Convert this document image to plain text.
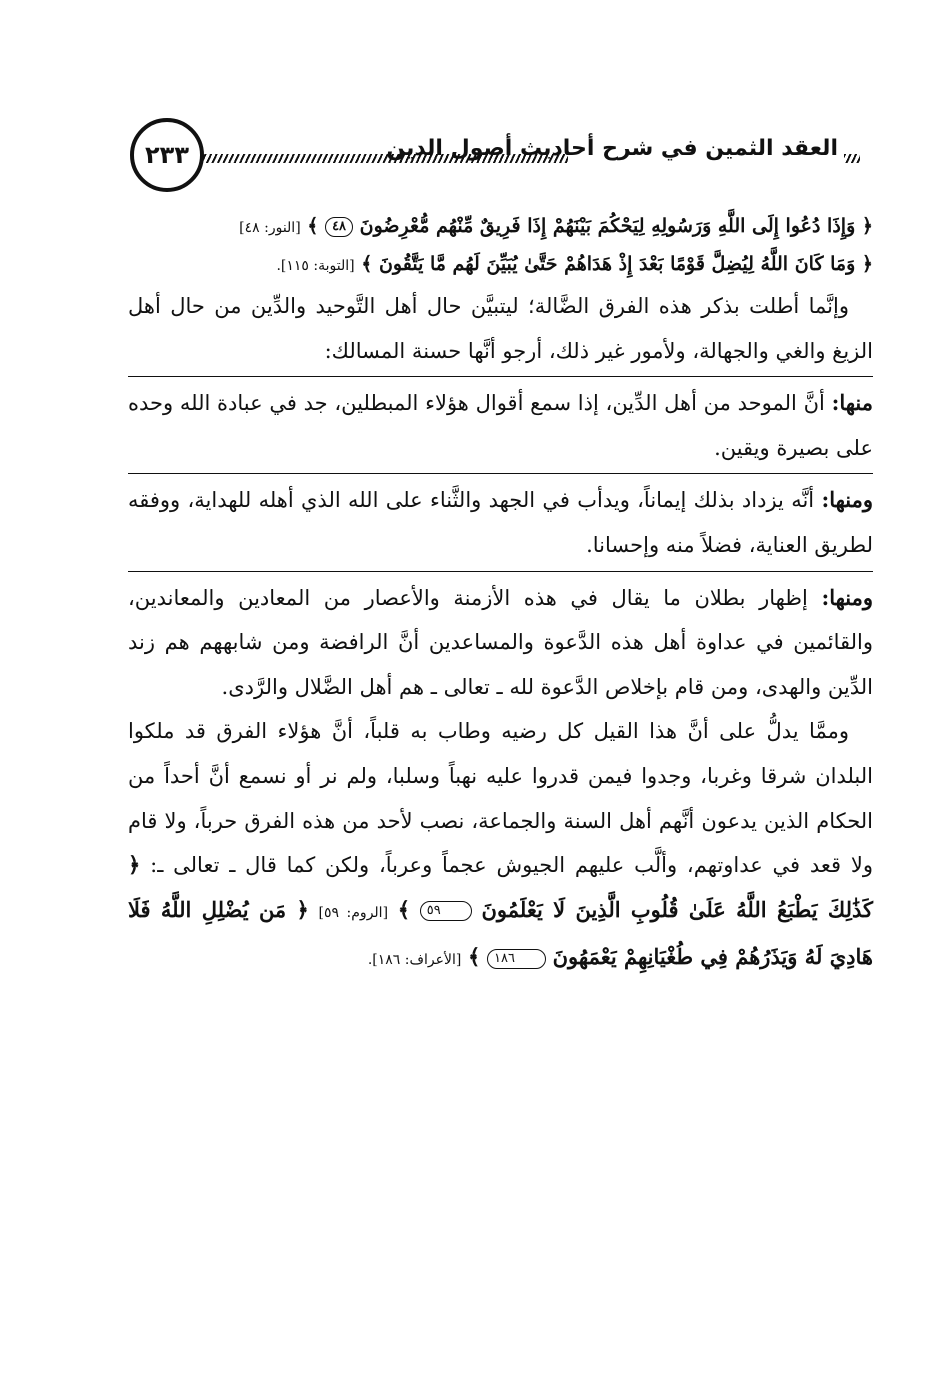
٢٣٣	العقد الثمين في شرح أحاديث أصول الدين
﴿ وَإِذَا دُعُوا إِلَى اللَّهِ وَرَسُولِهِ لِيَحْكُمَ بَيْنَهُمْ إِذَا فَرِيقٌ مِّنْهُم مُّعْرِضُونَ ٤٨ ﴾ [النور: ٤٨]
﴿ وَمَا كَانَ اللَّهُ لِيُضِلَّ قَوْمًا بَعْدَ إِذْ هَدَاهُمْ حَتَّىٰ يُبَيِّنَ لَهُم مَّا يَتَّقُونَ ﴾ [التوبة: ١١٥].

وإنَّما أطلت بذكر هذه الفرق الضَّالة؛ ليتبيَّن حال أهل التَّوحيد والدِّين من حال أهل الزيغ والغي والجهالة، ولأمور غير ذلك، أرجو أنَّها حسنة المسالك:

منها: أنَّ الموحد من أهل الدِّين، إذا سمع أقوال هؤلاء المبطلين، جد في عبادة الله وحده على بصيرة ويقين.

ومنها: أنَّه يزداد بذلك إيماناً، ويدأب في الجهد والثَّناء على الله الذي أهله للهداية، ووفقه لطريق العناية، فضلاً منه وإحسانا.

ومنها: إظهار بطلان ما يقال في هذه الأزمنة والأعصار من المعادين والمعاندين، والقائمين في عداوة أهل هذه الدَّعوة والمساعدين أنَّ الرافضة ومن شابههم هم زند الدِّين والهدى، ومن قام بإخلاص الدَّعوة لله ـ تعالى ـ هم أهل الضَّلال والرَّدى.

وممَّا يدلُّ على أنَّ هذا القيل كل رضيه وطاب به قلباً، أنَّ هؤلاء الفرق قد ملكوا البلدان شرقا وغربا، وجدوا فيمن قدروا عليه نهباً وسلبا، ولم نر أو نسمع أنَّ أحداً من الحكام الذين يدعون أنَّهم أهل السنة والجماعة، نصب لأحد من هذه الفرق حرباً، ولا قام ولا قعد في عداوتهم، وألَّب عليهم الجيوش عجماً وعرباً، ولكن كما قال ـ تعالى ـ: ﴿ كَذَٰلِكَ يَطْبَعُ اللَّهُ عَلَىٰ قُلُوبِ الَّذِينَ لَا يَعْلَمُونَ ٥٩ ﴾ [الروم: ٥٩] ﴿ مَن يُضْلِلِ اللَّهُ فَلَا هَادِيَ لَهُ وَيَذَرُهُمْ فِي طُغْيَانِهِمْ يَعْمَهُونَ ١٨٦ ﴾ [الأعراف: ١٨٦].
